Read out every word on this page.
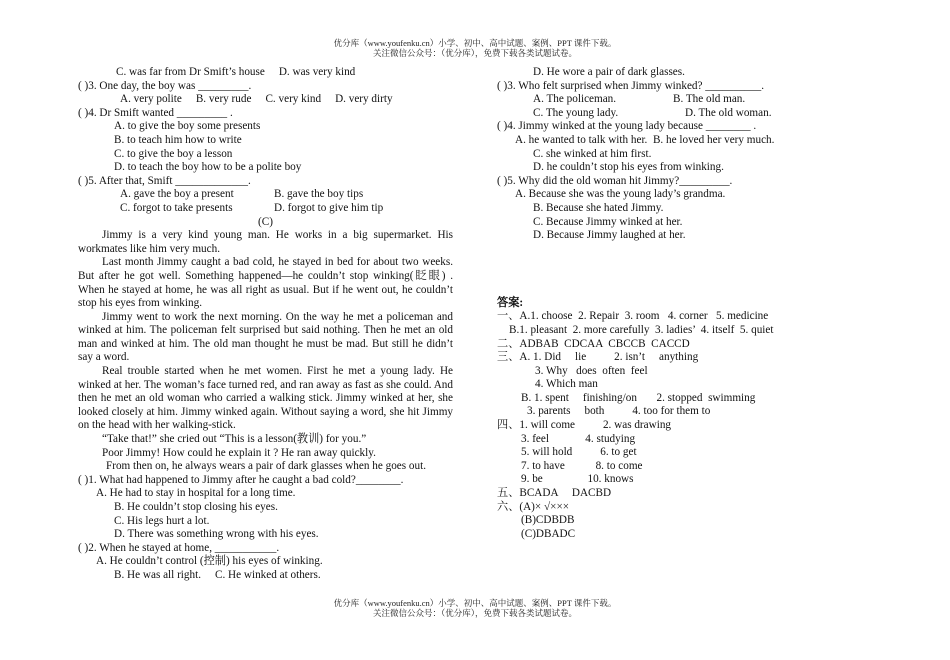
优分库（www.youfenku.cn）小学、初中、高中试题、案例、PPT 课件下载。
关注微信公众号：（优分库），免费下载各类试题试卷。
C. was far from Dr Smift’s house D. was very kind
( )3. One day, the boy was _________.
A. very polite B. very rude C. very kind D. very dirty
( )4. Dr Smift wanted _________ .
A. to give the boy some presents
B. to teach him how to write
C. to give the boy a lesson
D. to teach the boy how to be a polite boy
( )5. After that, Smift _____________.
A. gave the boy a present	B. gave the boy tips
C. forgot to take presents	D. forgot to give him tip
(C)

Jimmy is a very kind young man. He works in a big supermarket. His workmates like him very much.

Last month Jimmy caught a bad cold, he stayed in bed for about two weeks. But after he got well. Something happened—he couldn’t stop winking(眨眼) . When he stayed at home, he was all right as usual. But if he went out, he couldn’t stop his eyes from winking.

Jimmy went to work the next morning. On the way he met a policeman and winked at him. The policeman felt surprised but said nothing. Then he met an old man and winked at him. The old man thought he must be mad. But still he didn’t say a word.

Real trouble started when he met women. First he met a young lady. He winked at her. The woman’s face turned red, and ran away as fast as she could. And then he met an old woman who carried a walking stick. Jimmy winked at her, she looked closely at him. Jimmy winked again. Without saying a word, she hit Jimmy on the head with her walking-stick.

“Take that!” she cried out “This is a lesson(教训) for you.”

Poor Jimmy! How could he explain it ? He ran away quickly.

From then on, he always wears a pair of dark glasses when he goes out.

( )1. What had happened to Jimmy after he caught a bad cold?________.
A. He had to stay in hospital for a long time.
B. He couldn’t stop closing his eyes.
C. His legs hurt a lot.
D. There was something wrong with his eyes.
( )2. When he stayed at home, ___________.
A. He couldn’t control (控制) his eyes of winking.
B. He was all right. C. He winked at others.
D. He wore a pair of dark glasses.
( )3. Who felt surprised when Jimmy winked? __________.
A. The policeman.	B. The old man.
C. The young lady.	D. The old woman.
( )4. Jimmy winked at the young lady because ________ .
A. he wanted to talk with her. B. he loved her very much.
C. she winked at him first.
D. he couldn’t stop his eyes from winking.
( )5. Why did the old woman hit Jimmy?_________.
A. Because she was the young lady’s grandma.
B. Because she hated Jimmy.
C. Because Jimmy winked at her.
D. Because Jimmy laughed at her.
答案:
一、A.1. choose  2. Repair  3. room   4. corner   5. medicine
B.1. pleasant  2. more carefully  3. ladies’  4. itself  5. quiet
二、ADBAB  CDCAA  CBCCB  CACCD
三、A. 1. Did     lie          2. isn’t     anything
3. Why   does  often  feel
4. Which man
B. 1. spent     finishing/on       2. stopped  swimming
3. parents     both          4. too for them to
四、1. will come          2. was drawing
3. feel             4. studying
5. will hold          6. to get
7. to have           8. to come
9. be                10. knows
五、BCADA     DACBD
六、(A)× √×××
(B)CDBDB
(C)DBADC
优分库（www.youfenku.cn）小学、初中、高中试题、案例、PPT 课件下载。
关注微信公众号：（优分库），免费下载各类试题试卷。
